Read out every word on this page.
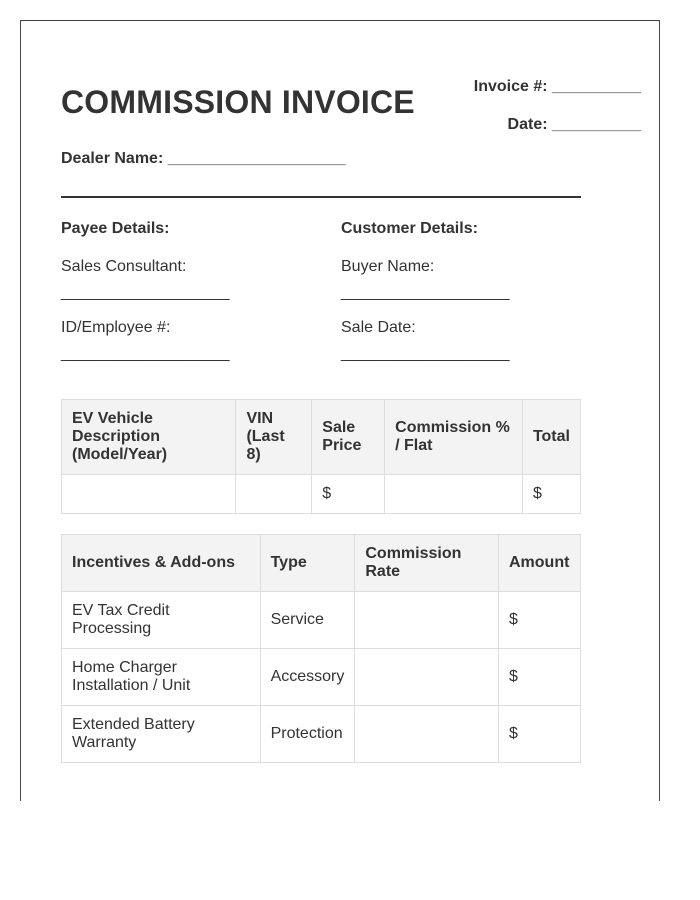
COMMISSION INVOICE	Invoice #: __________
Date: __________
Dealer Name: ____________________
Payee Details:	Customer Details:
Sales Consultant:
____________________
ID/Employee #:
____________________
Buyer Name:
____________________
Sale Date:
____________________
EV Vehicle Description (Model/Year)	VIN (Last 8)	Sale Price	Commission % / Flat	Total
		$		$
Incentives & Add-ons	Type	Commission Rate	Amount
EV Tax Credit Processing	Service		$
Home Charger Installation / Unit	Accessory		$
Extended Battery Warranty	Protection		$
